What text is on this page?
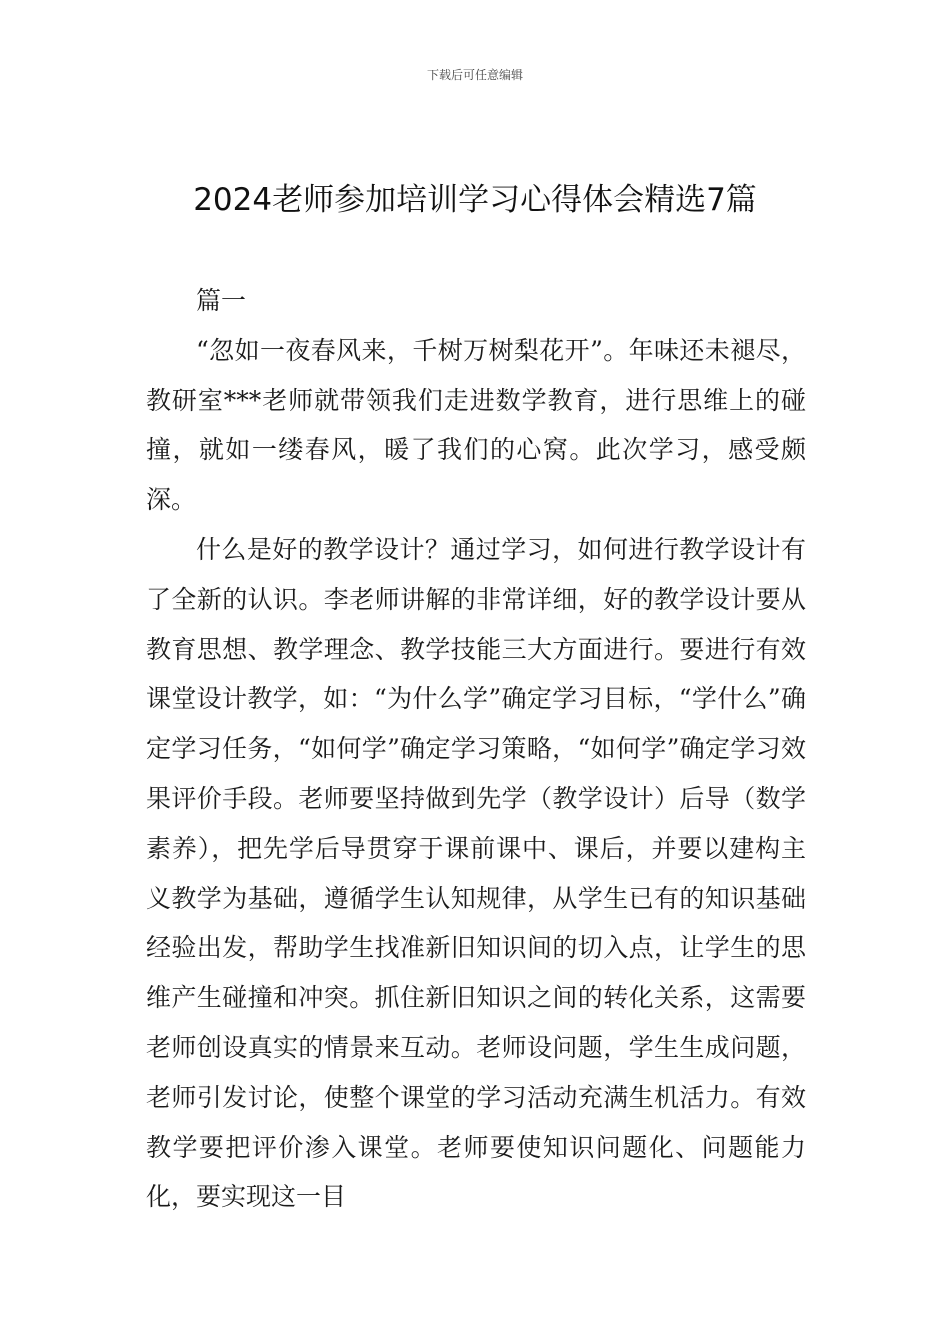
下载后可任意编辑
2024老师参加培训学习心得体会精选7篇

篇一

“忽如一夜春风来，千树万树梨花开”。年味还未褪尽，教研室***老师就带领我们走进数学教育，进行思维上的碰撞，就如一缕春风，暖了我们的心窝。此次学习，感受颇深。

什么是好的教学设计？通过学习，如何进行教学设计有了全新的认识。李老师讲解的非常详细，好的教学设计要从教育思想、教学理念、教学技能三大方面进行。要进行有效课堂设计教学，如：“为什么学”确定学习目标，“学什么”确定学习任务，“如何学”确定学习策略，“如何学”确定学习效果评价手段。老师要坚持做到先学（教学设计）后导（数学素养），把先学后导贯穿于课前课中、课后，并要以建构主义教学为基础，遵循学生认知规律，从学生已有的知识基础经验出发，帮助学生找准新旧知识间的切入点，让学生的思维产生碰撞和冲突。抓住新旧知识之间的转化关系，这需要老师创设真实的情景来互动。老师设问题，学生生成问题，老师引发讨论，使整个课堂的学习活动充满生机活力。有效教学要把评价渗入课堂。老师要使知识问题化、问题能力化，要实现这一目
